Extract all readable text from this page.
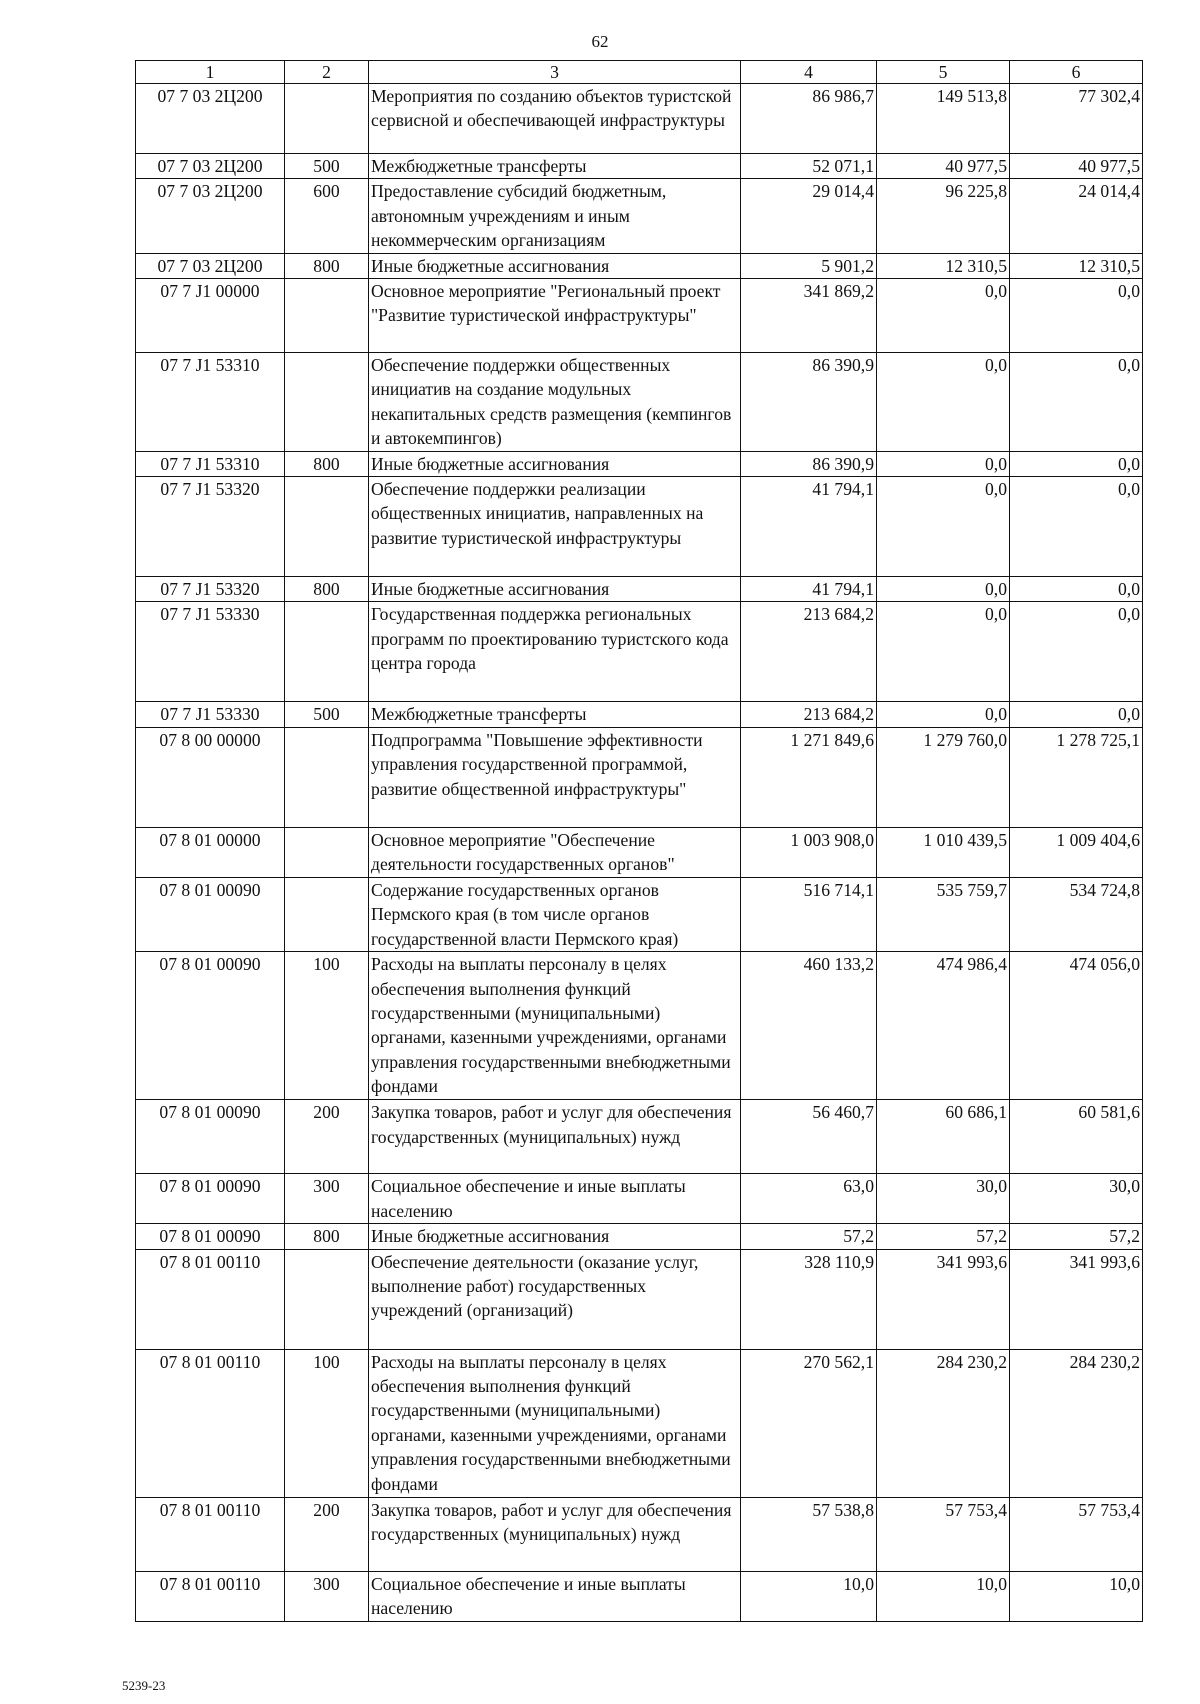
62
1	2	3	4	5	6
07 7 03 2Ц200		Мероприятия по созданию объектов туристской сервисной и обеспечивающей инфраструктуры	86 986,7	149 513,8	77 302,4
07 7 03 2Ц200	500	Межбюджетные трансферты	52 071,1	40 977,5	40 977,5
07 7 03 2Ц200	600	Предоставление субсидий бюджетным, автономным учреждениям и иным некоммерческим организациям	29 014,4	96 225,8	24 014,4
07 7 03 2Ц200	800	Иные бюджетные ассигнования	5 901,2	12 310,5	12 310,5
07 7 J1 00000		Основное мероприятие "Региональный проект "Развитие туристической инфраструктуры"	341 869,2	0,0	0,0
07 7 J1 53310		Обеспечение поддержки общественных инициатив на создание модульных некапитальных средств размещения (кемпингов и автокемпингов)	86 390,9	0,0	0,0
07 7 J1 53310	800	Иные бюджетные ассигнования	86 390,9	0,0	0,0
07 7 J1 53320		Обеспечение поддержки реализации общественных инициатив, направленных на развитие туристической инфраструктуры	41 794,1	0,0	0,0
07 7 J1 53320	800	Иные бюджетные ассигнования	41 794,1	0,0	0,0
07 7 J1 53330		Государственная поддержка региональных программ по проектированию туристского кода центра города	213 684,2	0,0	0,0
07 7 J1 53330	500	Межбюджетные трансферты	213 684,2	0,0	0,0
07 8 00 00000		Подпрограмма "Повышение эффективности управления государственной программой, развитие общественной инфраструктуры"	1 271 849,6	1 279 760,0	1 278 725,1
07 8 01 00000		Основное мероприятие "Обеспечение деятельности государственных органов"	1 003 908,0	1 010 439,5	1 009 404,6
07 8 01 00090		Содержание государственных органов Пермского края (в том числе органов государственной власти Пермского края)	516 714,1	535 759,7	534 724,8
07 8 01 00090	100	Расходы на выплаты персоналу в целях обеспечения выполнения функций государственными (муниципальными) органами, казенными учреждениями, органами управления государственными внебюджетными фондами	460 133,2	474 986,4	474 056,0
07 8 01 00090	200	Закупка товаров, работ и услуг для обеспечения государственных (муниципальных) нужд	56 460,7	60 686,1	60 581,6
07 8 01 00090	300	Социальное обеспечение и иные выплаты населению	63,0	30,0	30,0
07 8 01 00090	800	Иные бюджетные ассигнования	57,2	57,2	57,2
07 8 01 00110		Обеспечение деятельности (оказание услуг, выполнение работ) государственных учреждений (организаций)	328 110,9	341 993,6	341 993,6
07 8 01 00110	100	Расходы на выплаты персоналу в целях обеспечения выполнения функций государственными (муниципальными) органами, казенными учреждениями, органами управления государственными внебюджетными фондами	270 562,1	284 230,2	284 230,2
07 8 01 00110	200	Закупка товаров, работ и услуг для обеспечения государственных (муниципальных) нужд	57 538,8	57 753,4	57 753,4
07 8 01 00110	300	Социальное обеспечение и иные выплаты населению	10,0	10,0	10,0
5239-23
